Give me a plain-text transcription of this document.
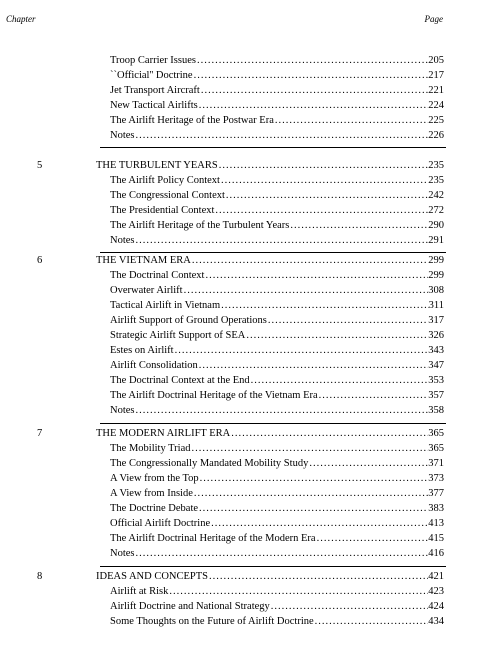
Chapter	Page
Troop Carrier Issues .....	205
``Official'' Doctrine .....	217
Jet Transport Aircraft .....	221
New Tactical Airlifts .....	224
The Airlift Heritage of the Postwar Era .....	225
Notes .....	226
5	THE TURBULENT YEARS .....	235
The Airlift Policy Context .....	235
The Congressional Context .....	242
The Presidential Context .....	272
The Airlift Heritage of the Turbulent Years .....	290
Notes .....	291
6	THE VIETNAM ERA .....	299
The Doctrinal Context .....	299
Overwater Airlift .....	308
Tactical Airlift in Vietnam .....	311
Airlift Support of Ground Operations .....	317
Strategic Airlift Support of SEA .....	326
Estes on Airlift .....	343
Airlift Consolidation .....	347
The Doctrinal Context at the End .....	353
The Airlift Doctrinal Heritage of the Vietnam Era .....	357
Notes .....	358
7	THE MODERN AIRLIFT ERA .....	365
The Mobility Triad .....	365
The Congressionally Mandated Mobility Study .....	371
A View from the Top .....	373
A View from Inside .....	377
The Doctrine Debate .....	383
Official Airlift Doctrine .....	413
The Airlift Doctrinal Heritage of the Modern Era .....	415
Notes .....	416
8	IDEAS AND CONCEPTS .....	421
Airlift at Risk .....	423
Airlift Doctrine and National Strategy .....	424
Some Thoughts on the Future of Airlift Doctrine .....	434
